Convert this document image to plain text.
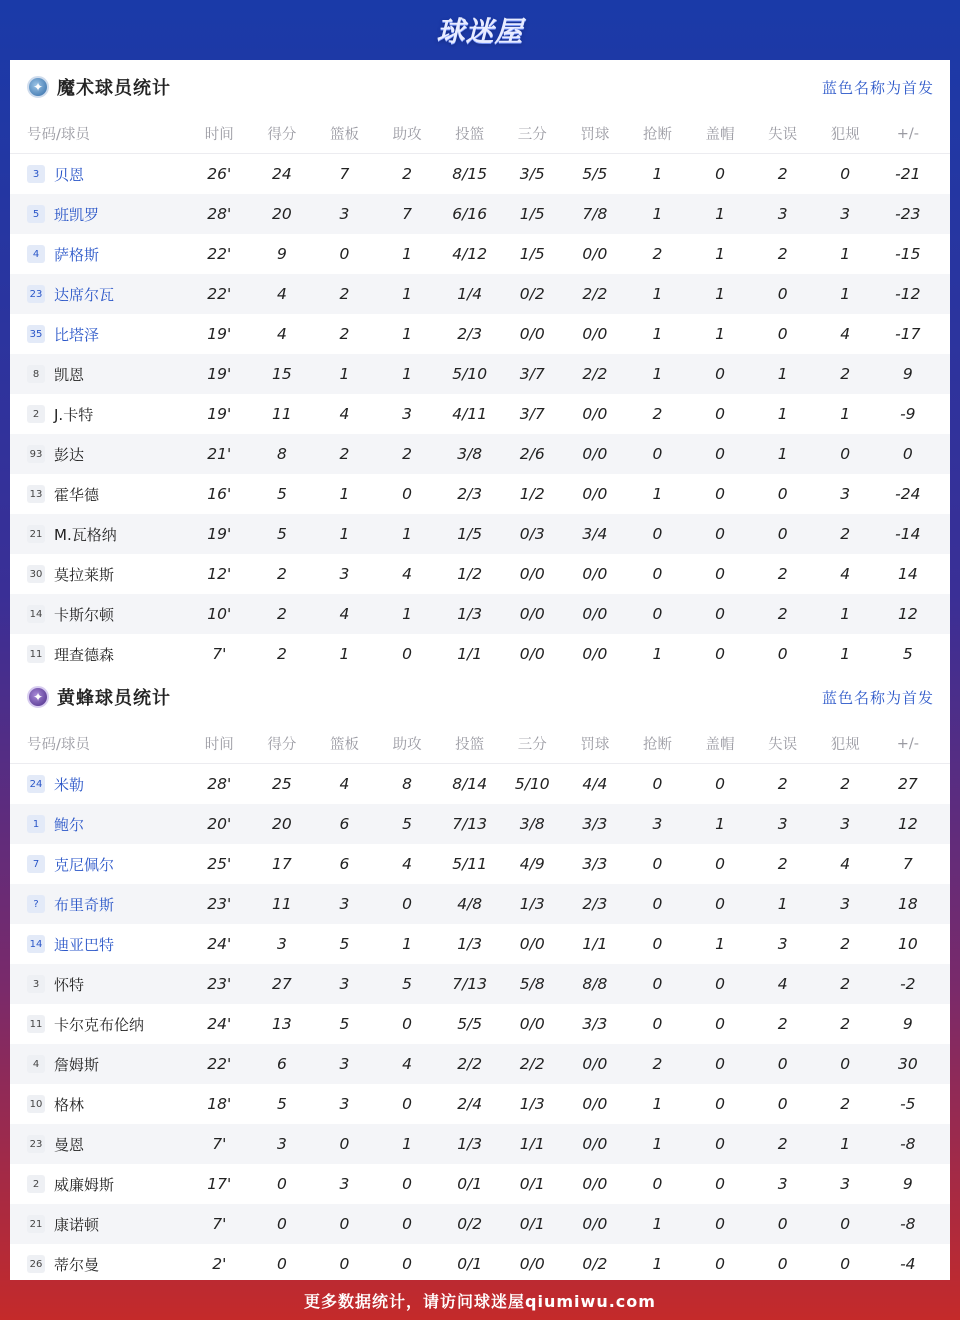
球迷屋
✦ 魔术球员统计	蓝色名称为首发
号码/球员	时间	得分	篮板	助攻	投篮	三分	罚球	抢断	盖帽	失误	犯规	+/-
3 贝恩	26'	24	7	2	8/15	3/5	5/5	1	0	2	0	-21
5 班凯罗	28'	20	3	7	6/16	1/5	7/8	1	1	3	3	-23
4 萨格斯	22'	9	0	1	4/12	1/5	0/0	2	1	2	1	-15
23 达席尔瓦	22'	4	2	1	1/4	0/2	2/2	1	1	0	1	-12
35 比塔泽	19'	4	2	1	2/3	0/0	0/0	1	1	0	4	-17
8 凯恩	19'	15	1	1	5/10	3/7	2/2	1	0	1	2	9
2 J.卡特	19'	11	4	3	4/11	3/7	0/0	2	0	1	1	-9
93 彭达	21'	8	2	2	3/8	2/6	0/0	0	0	1	0	0
13 霍华德	16'	5	1	0	2/3	1/2	0/0	1	0	0	3	-24
21 M.瓦格纳	19'	5	1	1	1/5	0/3	3/4	0	0	0	2	-14
30 莫拉莱斯	12'	2	3	4	1/2	0/0	0/0	0	0	2	4	14
14 卡斯尔顿	10'	2	4	1	1/3	0/0	0/0	0	0	2	1	12
11 理查德森	7'	2	1	0	1/1	0/0	0/0	1	0	0	1	5
✦ 黄蜂球员统计	蓝色名称为首发
号码/球员	时间	得分	篮板	助攻	投篮	三分	罚球	抢断	盖帽	失误	犯规	+/-
24 米勒	28'	25	4	8	8/14	5/10	4/4	0	0	2	2	27
1 鲍尔	20'	20	6	5	7/13	3/8	3/3	3	1	3	3	12
7 克尼佩尔	25'	17	6	4	5/11	4/9	3/3	0	0	2	4	7
?	布里奇斯	23'	11	3	0	4/8	1/3	2/3	0	0	1	3	18
14 迪亚巴特	24'	3	5	1	1/3	0/0	1/1	0	1	3	2	10
3 怀特	23'	27	3	5	7/13	5/8	8/8	0	0	4	2	-2
11 卡尔克布伦纳	24'	13	5	0	5/5	0/0	3/3	0	0	2	2	9
4 詹姆斯	22'	6	3	4	2/2	2/2	0/0	2	0	0	0	30
10 格林	18'	5	3	0	2/4	1/3	0/0	1	0	0	2	-5
23 曼恩	7'	3	0	1	1/3	1/1	0/0	1	0	2	1	-8
2 威廉姆斯	17'	0	3	0	0/1	0/1	0/0	0	0	3	3	9
21 康诺顿	7'	0	0	0	0/2	0/1	0/0	1	0	0	0	-8
26 蒂尔曼	2'	0	0	0	0/1	0/0	0/2	1	0	0	0	-4
更多数据统计，请访问球迷屋qiumiwu.com
